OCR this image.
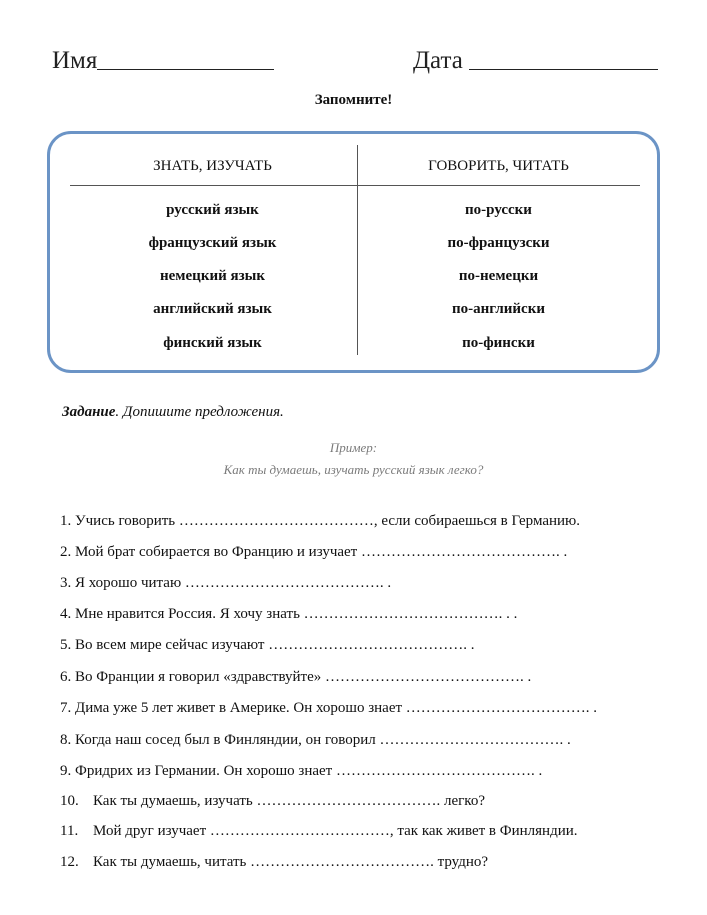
Имя	Дата
Запомните!
ЗНАТЬ, ИЗУЧАТЬ	ГОВОРИТЬ, ЧИТАТЬ
русский язык	по-русски
французский язык	по-французски
немецкий язык	по-немецки
английский язык	по-английски
финский язык	по-фински
Задание. Допишите предложения.
Пример:
Как ты думаешь, изучать русский язык легко?
1. Учись говорить …………………………………, если собираешься в Германию.
2. Мой брат собирается во Францию и изучает …………………………………. .
3. Я хорошо читаю …………………………………. .
4. Мне нравится Россия. Я хочу знать …………………………………. . .
5. Во всем мире сейчас изучают …………………………………. .
6. Во Франции я говорил «здравствуйте» …………………………………. .
7. Дима уже 5 лет живет в Америке. Он хорошо знает ………………………………. .
8. Когда наш сосед был в Финляндии, он говорил ………………………………. .
9. Фридрих из Германии. Он хорошо знает …………………………………. .
10. Как ты думаешь, изучать ………………………………. легко?
11. Мой друг изучает ………………………………, так как живет в Финляндии.
12. Как ты думаешь, читать ………………………………. трудно?
